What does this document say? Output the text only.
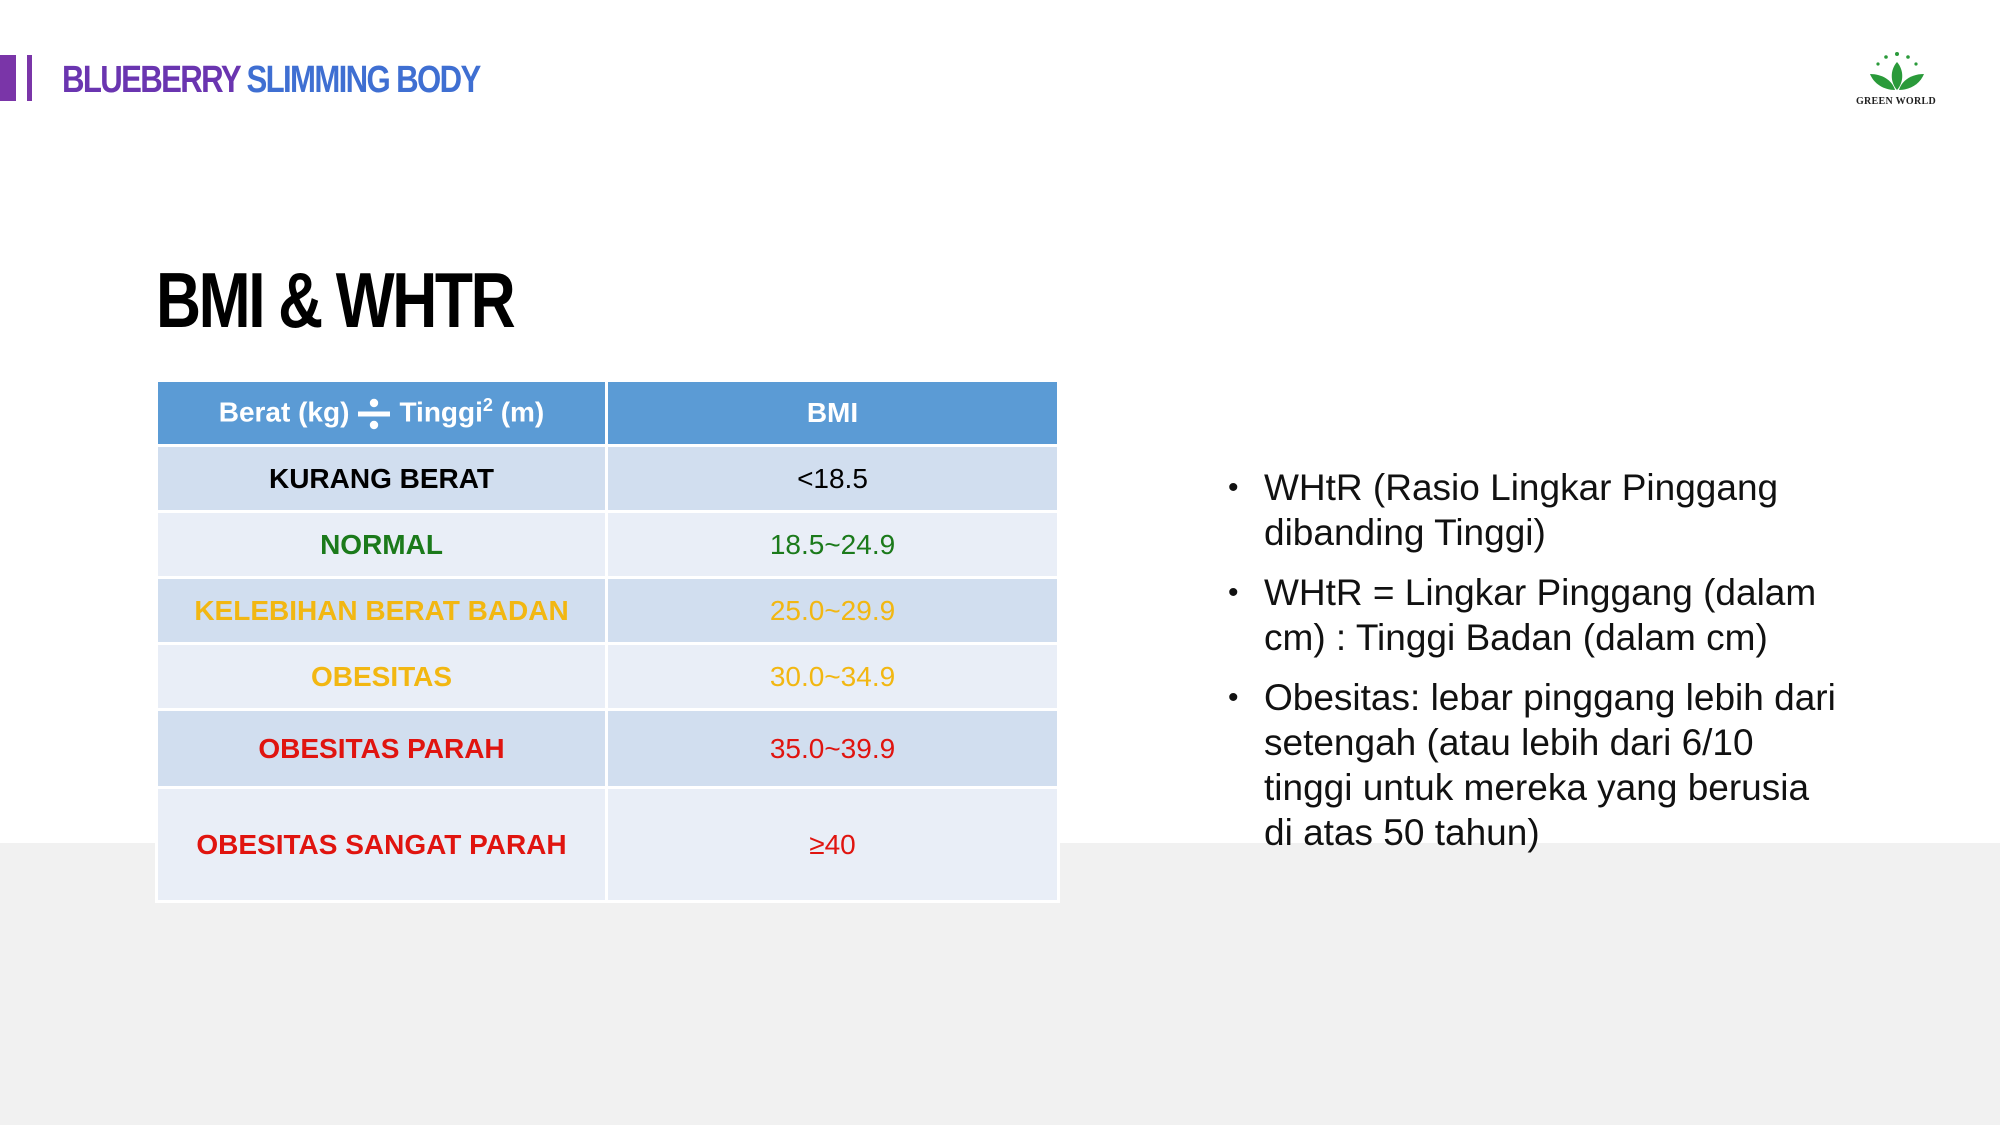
BLUEBERRY SLIMMING BODY
GREEN WORLD
BMI & WHTR
Berat (kg) Tinggi$^2$ (m)	BMI
KURANG BERAT	<18.5
NORMAL	18.5~24.9
KELEBIHAN BERAT BADAN	25.0~29.9
OBESITAS	30.0~34.9
OBESITAS PARAH	35.0~39.9
OBESITAS SANGAT PARAH	≥40
• WHtR (Rasio Lingkar Pinggang dibanding Tinggi)
• WHtR = Lingkar Pinggang (dalam cm) : Tinggi Badan (dalam cm)
• Obesitas: lebar pinggang lebih dari setengah (atau lebih dari 6/10 tinggi untuk mereka yang berusia di atas 50 tahun)
